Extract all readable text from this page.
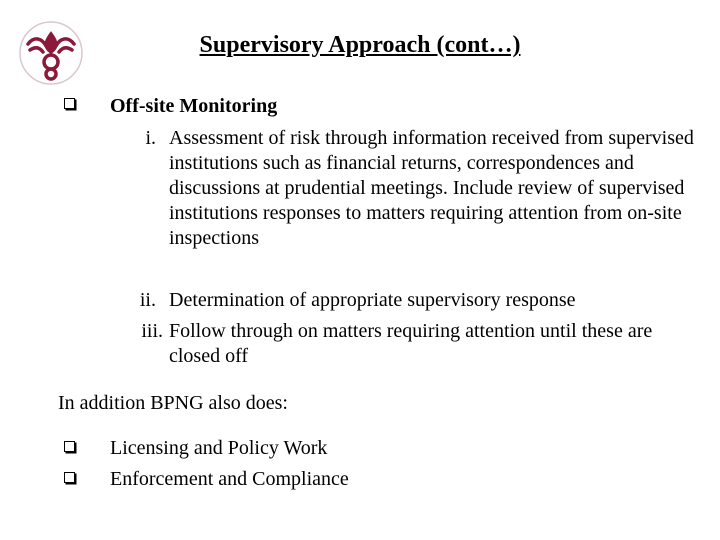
Supervisory Approach (cont…)
Off-site Monitoring
i. Assessment of risk through information received from supervised institutions such as financial returns, correspondences and discussions at prudential meetings. Include review of supervised institutions responses to matters requiring attention from on-site inspections
ii. Determination of appropriate supervisory response
iii. Follow through on matters requiring attention until these are closed off
In addition BPNG also does:
Licensing and Policy Work
Enforcement and Compliance
